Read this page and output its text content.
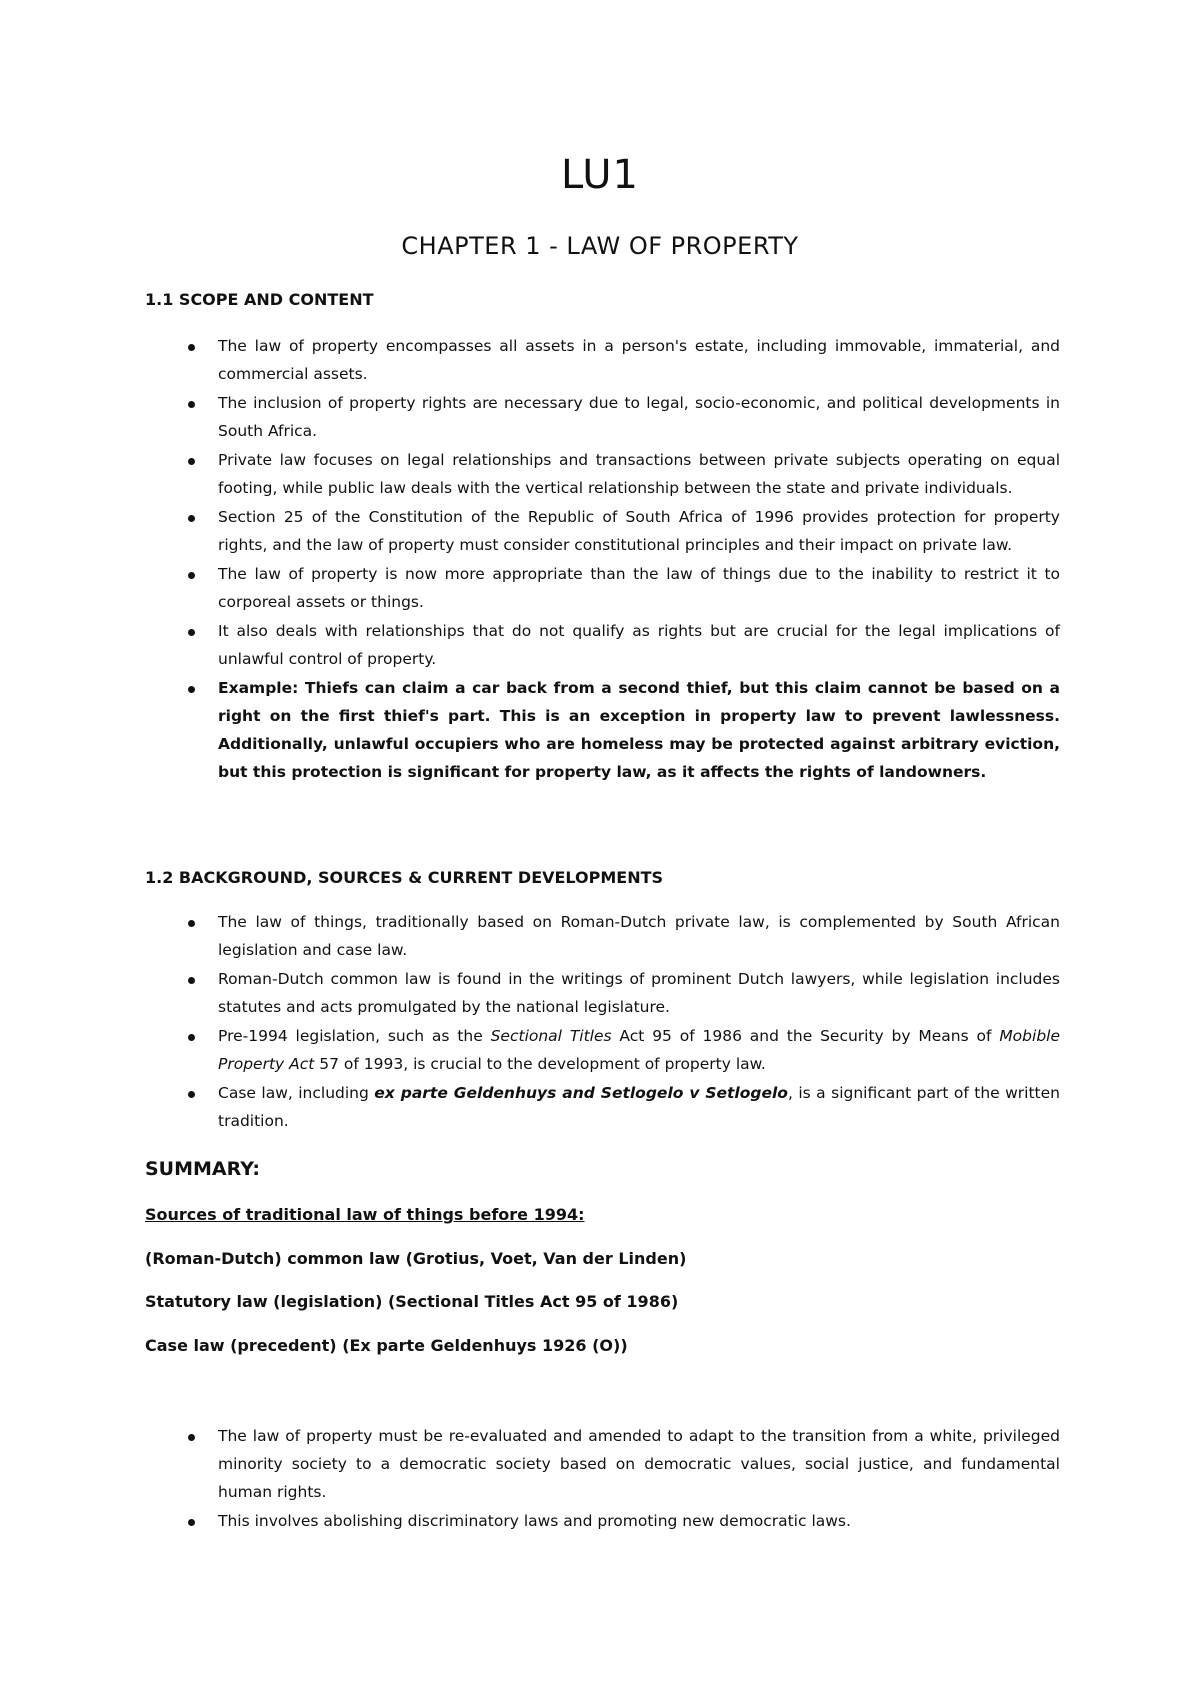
LU1
CHAPTER 1 - LAW OF PROPERTY
1.1 SCOPE AND CONTENT
The law of property encompasses all assets in a person's estate, including immovable, immaterial, and commercial assets.
The inclusion of property rights are necessary due to legal, socio-economic, and political developments in South Africa.
Private law focuses on legal relationships and transactions between private subjects operating on equal footing, while public law deals with the vertical relationship between the state and private individuals.
Section 25 of the Constitution of the Republic of South Africa of 1996 provides protection for property rights, and the law of property must consider constitutional principles and their impact on private law.
The law of property is now more appropriate than the law of things due to the inability to restrict it to corporeal assets or things.
It also deals with relationships that do not qualify as rights but are crucial for the legal implications of unlawful control of property.
Example: Thiefs can claim a car back from a second thief, but this claim cannot be based on a right on the first thief's part. This is an exception in property law to prevent lawlessness. Additionally, unlawful occupiers who are homeless may be protected against arbitrary eviction, but this protection is significant for property law, as it affects the rights of landowners.
1.2 BACKGROUND, SOURCES & CURRENT DEVELOPMENTS
The law of things, traditionally based on Roman-Dutch private law, is complemented by South African legislation and case law.
Roman-Dutch common law is found in the writings of prominent Dutch lawyers, while legislation includes statutes and acts promulgated by the national legislature.
Pre-1994 legislation, such as the Sectional Titles Act 95 of 1986 and the Security by Means of Mobible Property Act 57 of 1993, is crucial to the development of property law.
Case law, including ex parte Geldenhuys and Setlogelo v Setlogelo, is a significant part of the written tradition.
SUMMARY:

Sources of traditional law of things before 1994:

(Roman-Dutch) common law (Grotius, Voet, Van der Linden)

Statutory law (legislation) (Sectional Titles Act 95 of 1986)

Case law (precedent) (Ex parte Geldenhuys 1926 (O))

The law of property must be re-evaluated and amended to adapt to the transition from a white, privileged minority society to a democratic society based on democratic values, social justice, and fundamental human rights.
This involves abolishing discriminatory laws and promoting new democratic laws.
